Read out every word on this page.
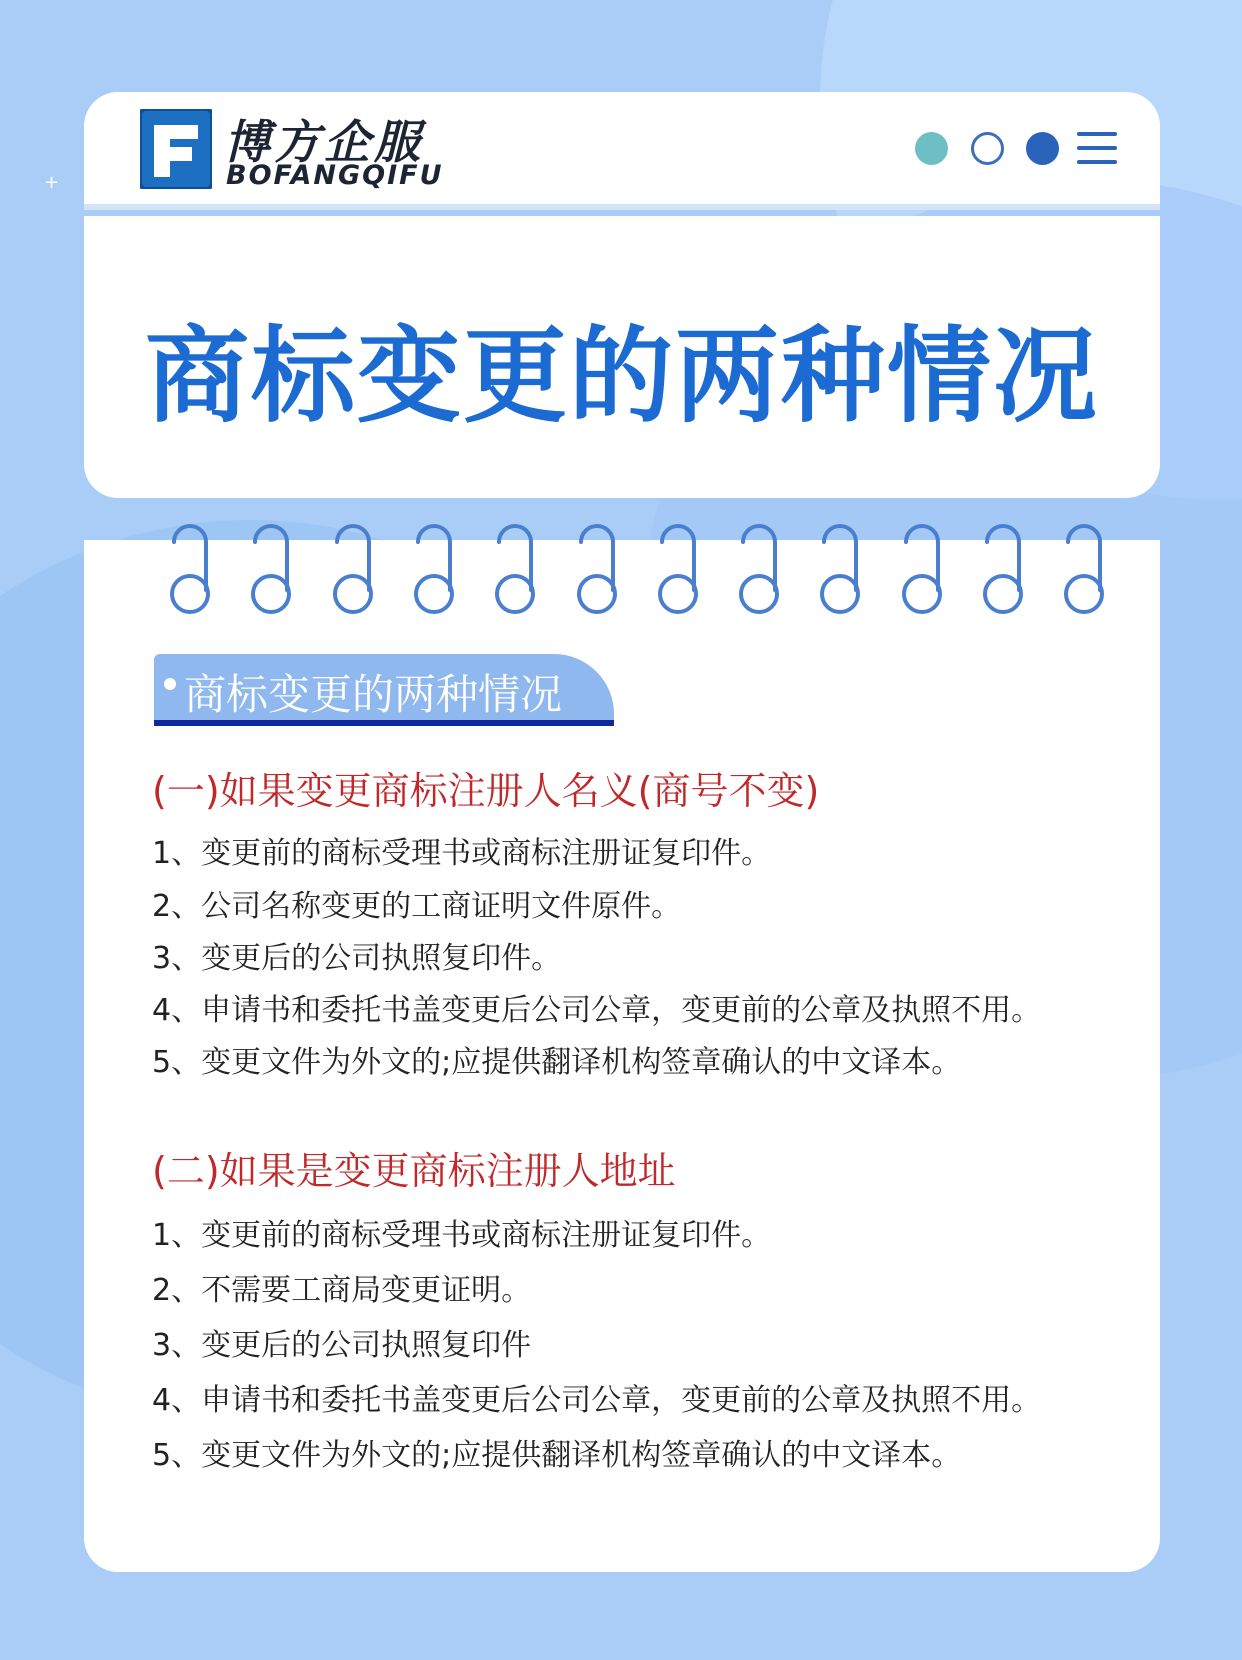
+
博方企服
BOFANGQIFU
商标变更的两种情况
商标变更的两种情况
(一)如果变更商标注册人名义(商号不变)
1、变更前的商标受理书或商标注册证复印件。
2、公司名称变更的工商证明文件原件。
3、变更后的公司执照复印件。
4、申请书和委托书盖变更后公司公章，变更前的公章及执照不用。
5、变更文件为外文的;应提供翻译机构签章确认的中文译本。
(二)如果是变更商标注册人地址
1、变更前的商标受理书或商标注册证复印件。
2、不需要工商局变更证明。
3、变更后的公司执照复印件
4、申请书和委托书盖变更后公司公章，变更前的公章及执照不用。
5、变更文件为外文的;应提供翻译机构签章确认的中文译本。
